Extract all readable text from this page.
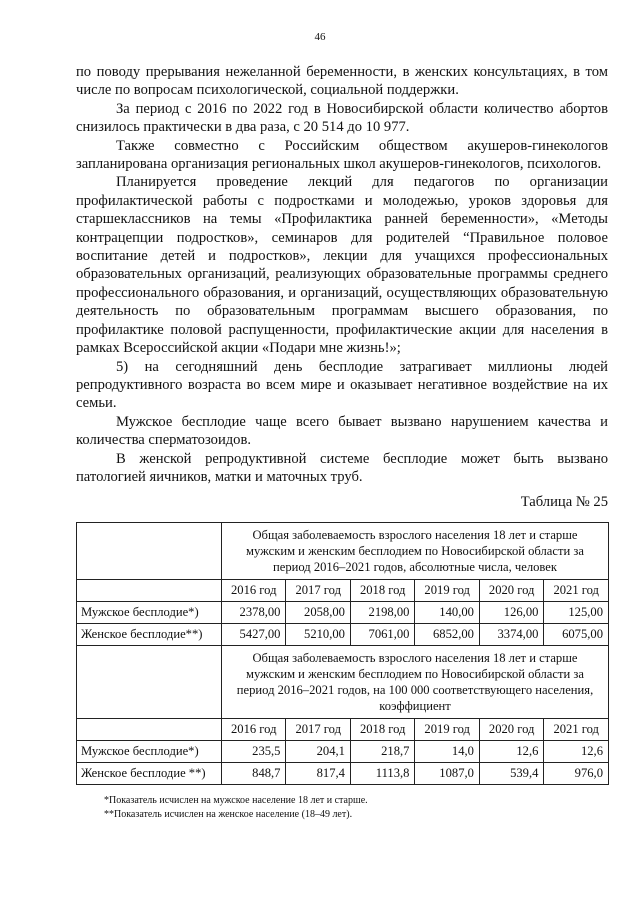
46

по поводу прерывания нежеланной беременности, в женских консультациях, в том числе по вопросам психологической, социальной поддержки.

За период с 2016 по 2022 год в Новосибирской области количество абортов снизилось практически в два раза, с 20 514 до 10 977.

Также совместно с Российским обществом акушеров-гинекологов запланирована организация региональных школ акушеров-гинекологов, психологов.

Планируется проведение лекций для педагогов по организации профилактической работы с подростками и молодежью, уроков здоровья для старшеклассников на темы «Профилактика ранней беременности», «Методы контрацепции подростков», семинаров для родителей “Правильное половое воспитание детей и подростков», лекции для учащихся профессиональных образовательных организаций, реализующих образовательные программы среднего профессионального образования, и организаций, осуществляющих образовательную деятельность по образовательным программам высшего образования, по профилактике половой распущенности, профилактические акции для населения в рамках Всероссийской акции «Подари мне жизнь!»;

5) на сегодняшний день бесплодие затрагивает миллионы людей репродуктивного возраста во всем мире и оказывает негативное воздействие на их семьи.

Мужское бесплодие чаще всего бывает вызвано нарушением качества и количества сперматозоидов.

В женской репродуктивной системе бесплодие может быть вызвано патологией яичников, матки и маточных труб.

Таблица № 25
	Общая заболеваемость взрослого населения 18 лет и старше мужским и женским бесплодием по Новосибирской области за период 2016–2021 годов, абсолютные числа, человек					
	2016 год	2017 год	2018 год	2019 год	2020 год	2021 год
Мужское бесплодие*)	2378,00	2058,00	2198,00	140,00	126,00	125,00
Женское бесплодие**)	5427,00	5210,00	7061,00	6852,00	3374,00	6075,00
	Общая заболеваемость взрослого населения 18 лет и старше мужским и женским бесплодием по Новосибирской области за период 2016–2021 годов, на 100 000 соответствующего населения, коэффициент					
	2016 год	2017 год	2018 год	2019 год	2020 год	2021 год
Мужское бесплодие*)	235,5	204,1	218,7	14,0	12,6	12,6
Женское бесплодие **)	848,7	817,4	1113,8	1087,0	539,4	976,0
*Показатель исчислен на мужское население 18 лет и старше.
**Показатель исчислен на женское население (18–49 лет).
